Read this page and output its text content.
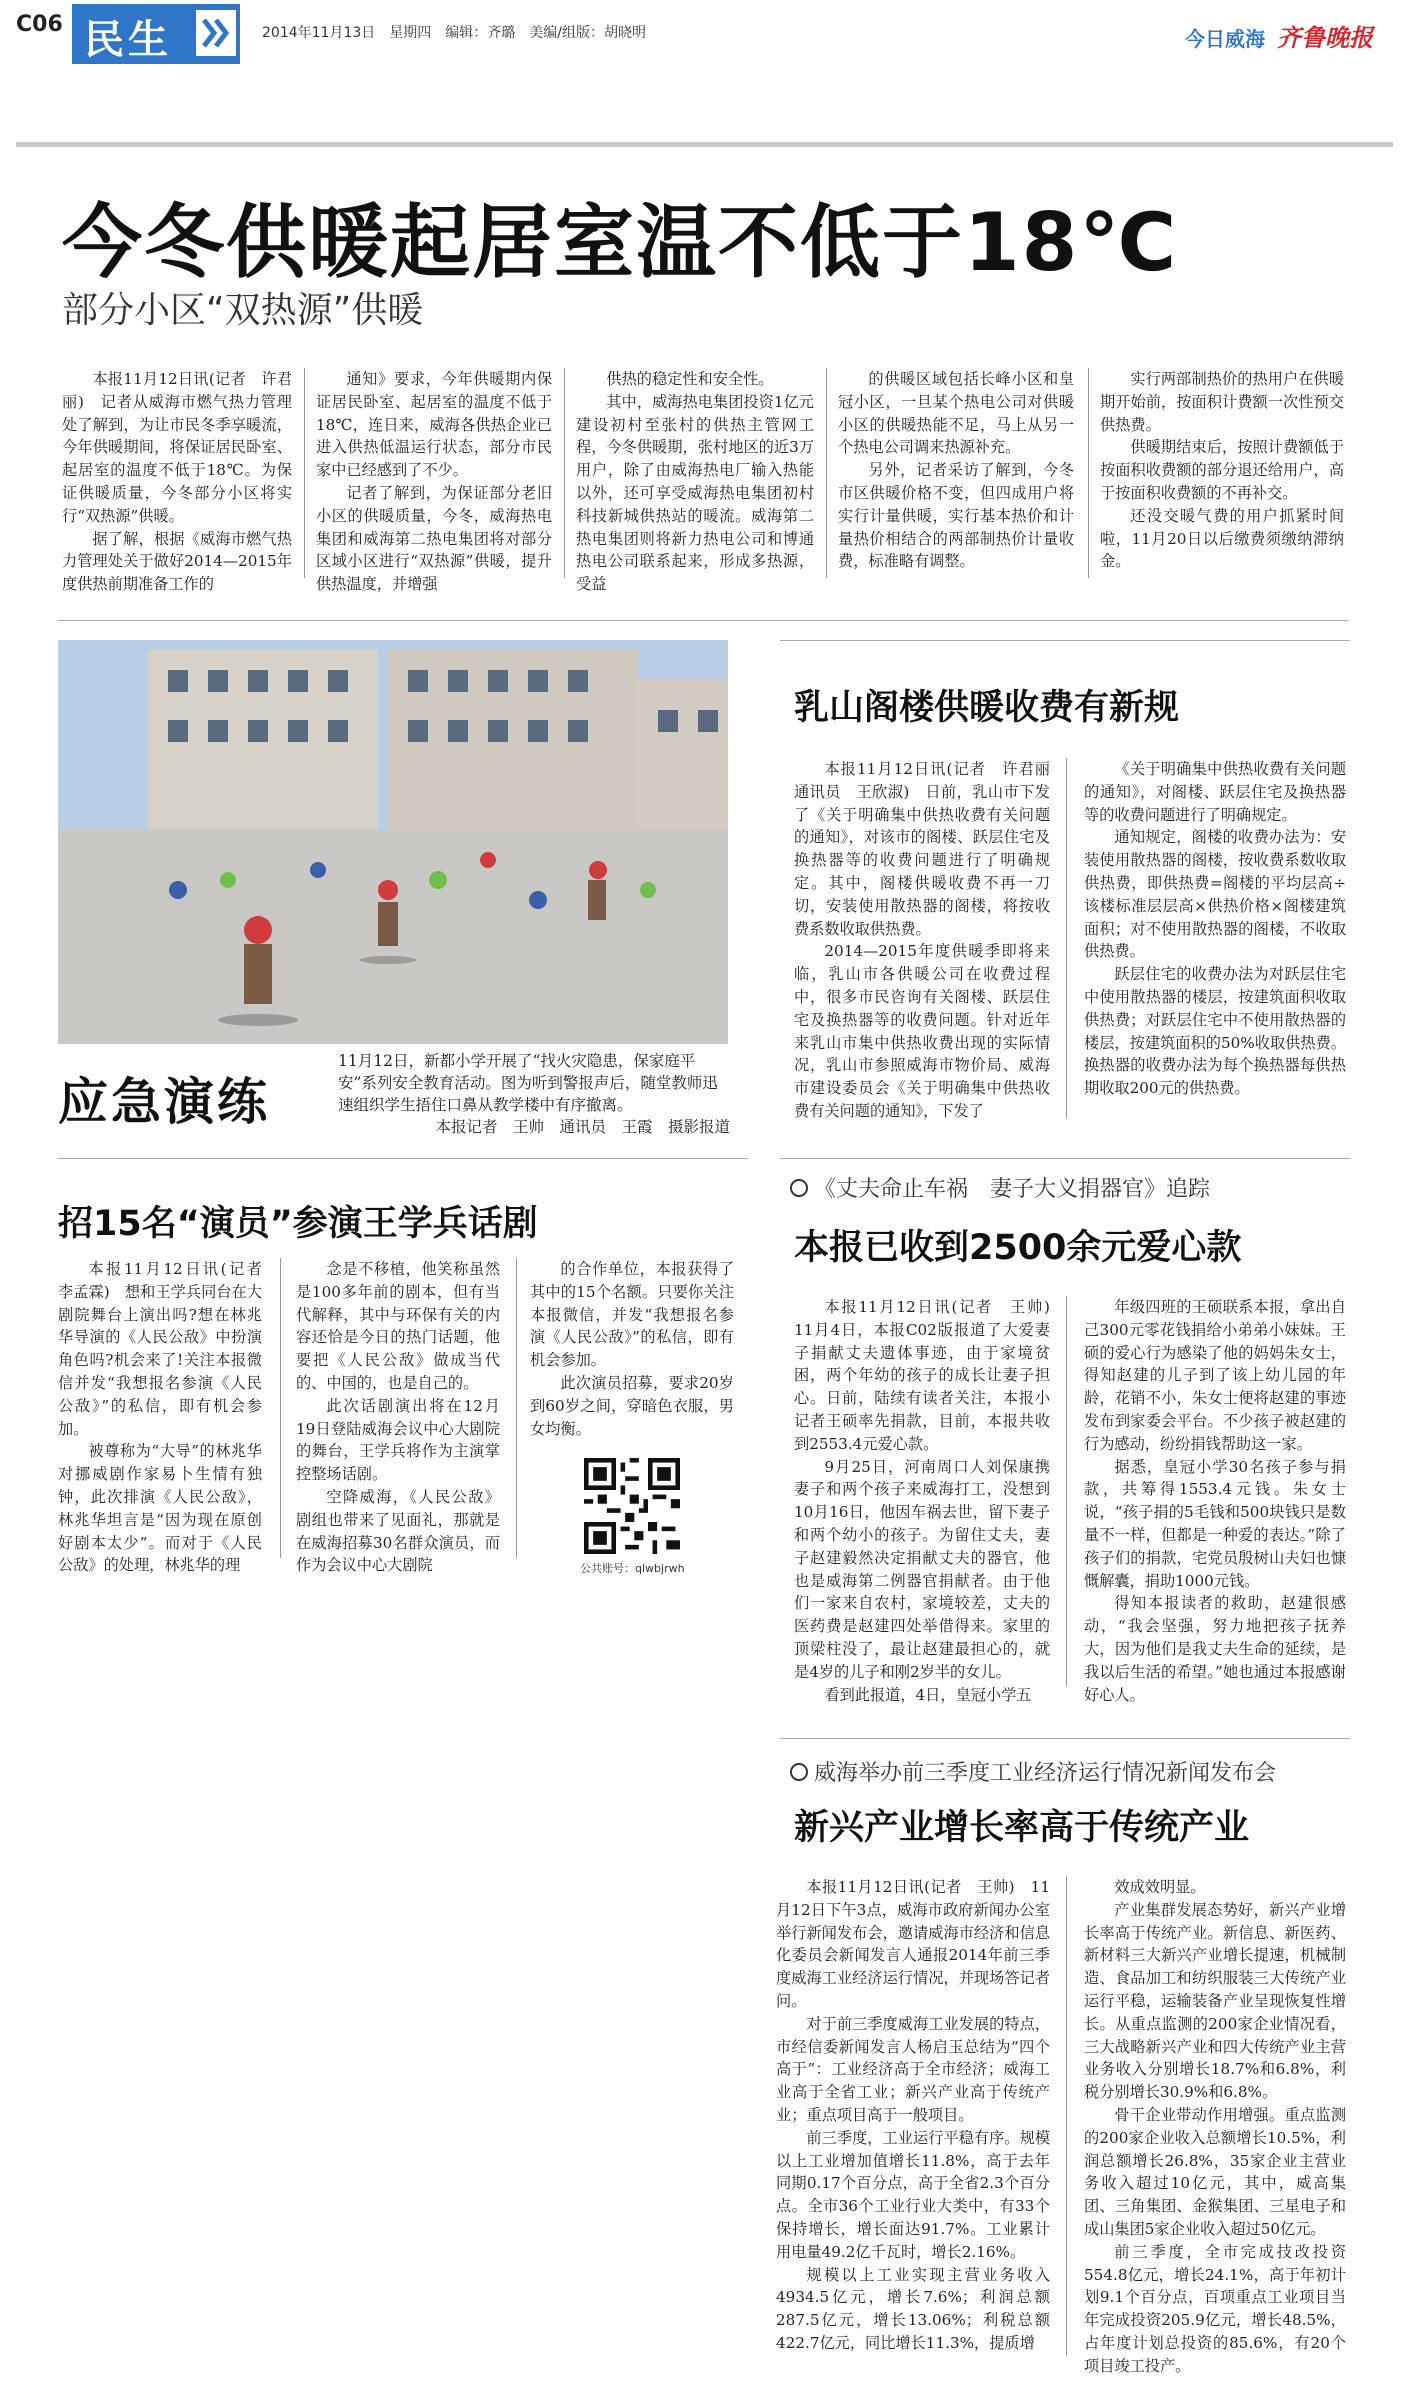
C06 民生	2014年11月13日　星期四　编辑：齐璐　美编/组版：胡晓明	今日威海 齐鲁晚报
今冬供暖起居室温不低于18℃
部分小区“双热源”供暖

本报11月12日讯(记者　许君丽)　记者从威海市燃气热力管理处了解到，为让市民冬季享暖流，今年供暖期间，将保证居民卧室、起居室的温度不低于18℃。为保证供暖质量，今冬部分小区将实行“双热源”供暖。

据了解，根据《威海市燃气热力管理处关于做好2014—2015年度供热前期准备工作的

通知》要求，今年供暖期内保证居民卧室、起居室的温度不低于18℃，连日来，威海各供热企业已进入供热低温运行状态，部分市民家中已经感到了不少。

记者了解到，为保证部分老旧小区的供暖质量，今冬，威海热电集团和威海第二热电集团将对部分区域小区进行“双热源”供暖，提升供热温度，并增强

供热的稳定性和安全性。

其中，威海热电集团投资1亿元建设初村至张村的供热主管网工程，今冬供暖期，张村地区的近3万用户，除了由威海热电厂输入热能以外，还可享受威海热电集团初村科技新城供热站的暖流。威海第二热电集团则将新力热电公司和博通热电公司联系起来，形成多热源，受益

的供暖区域包括长峰小区和皇冠小区，一旦某个热电公司对供暖小区的供暖热能不足，马上从另一个热电公司调来热源补充。

另外，记者采访了解到，今冬市区供暖价格不变，但四成用户将实行计量供暖，实行基本热价和计量热价相结合的两部制热价计量收费，标准略有调整。

实行两部制热价的热用户在供暖期开始前，按面积计费额一次性预交供热费。

供暖期结束后，按照计费额低于按面积收费额的部分退还给用户，高于按面积收费额的不再补交。

还没交暖气费的用户抓紧时间啦，11月20日以后缴费须缴纳滞纳金。

应急演练
11月12日，新都小学开展了“找火灾隐患，保家庭平安”系列安全教育活动。图为听到警报声后，随堂教师迅速组织学生捂住口鼻从教学楼中有序撤离。
本报记者　王帅　通讯员　王霞　摄影报道
乳山阁楼供暖收费有新规

本报11月12日讯(记者　许君丽　通讯员　王欣淑)　日前，乳山市下发了《关于明确集中供热收费有关问题的通知》，对该市的阁楼、跃层住宅及换热器等的收费问题进行了明确规定。其中，阁楼供暖收费不再一刀切，安装使用散热器的阁楼，将按收费系数收取供热费。

2014—2015年度供暖季即将来临，乳山市各供暖公司在收费过程中，很多市民咨询有关阁楼、跃层住宅及换热器等的收费问题。针对近年来乳山市集中供热收费出现的实际情况，乳山市参照威海市物价局、威海市建设委员会《关于明确集中供热收费有关问题的通知》，下发了

《关于明确集中供热收费有关问题的通知》，对阁楼、跃层住宅及换热器等的收费问题进行了明确规定。

通知规定，阁楼的收费办法为：安装使用散热器的阁楼，按收费系数收取供热费，即供热费=阁楼的平均层高÷该楼标准层层高×供热价格×阁楼建筑面积；对不使用散热器的阁楼，不收取供热费。

跃层住宅的收费办法为对跃层住宅中使用散热器的楼层，按建筑面积收取供热费；对跃层住宅中不使用散热器的楼层，按建筑面积的50%收取供热费。换热器的收费办法为每个换热器每供热期收取200元的供热费。

招15名“演员”参演王学兵话剧

本报11月12日讯(记者　李孟霖)　想和王学兵同台在大剧院舞台上演出吗?想在林兆华导演的《人民公敌》中扮演角色吗?机会来了!关注本报微信并发“我想报名参演《人民公敌》”的私信，即有机会参加。

被尊称为“大导”的林兆华对挪威剧作家易卜生情有独钟，此次排演《人民公敌》，林兆华坦言是“因为现在原创好剧本太少”。而对于《人民公敌》的处理，林兆华的理

念是不移植，他笑称虽然是100多年前的剧本，但有当代解释，其中与环保有关的内容还恰是今日的热门话题，他要把《人民公敌》做成当代的、中国的，也是自己的。

此次话剧演出将在12月19日登陆威海会议中心大剧院的舞台，王学兵将作为主演掌控整场话剧。

空降威海，《人民公敌》剧组也带来了见面礼，那就是在威海招募30名群众演员，而作为会议中心大剧院

的合作单位，本报获得了其中的15个名额。只要你关注本报微信，并发“我想报名参演《人民公敌》”的私信，即有机会参加。

此次演员招募，要求20岁到60岁之间，穿暗色衣服，男女均衡。

公共账号：qlwbjrwh
《丈夫命止车祸　妻子大义捐器官》追踪
本报已收到2500余元爱心款

本报11月12日讯(记者　王帅)　11月4日，本报C02版报道了大爱妻子捐献丈夫遗体事迹，由于家境贫困，两个年幼的孩子的成长让妻子担心。日前，陆续有读者关注，本报小记者王硕率先捐款，目前，本报共收到2553.4元爱心款。

9月25日，河南周口人刘保康携妻子和两个孩子来威海打工，没想到10月16日，他因车祸去世，留下妻子和两个幼小的孩子。为留住丈夫，妻子赵建毅然决定捐献丈夫的器官，他也是威海第二例器官捐献者。由于他们一家来自农村，家境较差，丈夫的医药费是赵建四处举借得来。家里的顶梁柱没了，最让赵建最担心的，就是4岁的儿子和刚2岁半的女儿。

看到此报道，4日，皇冠小学五

年级四班的王硕联系本报，拿出自己300元零花钱捐给小弟弟小妹妹。王硕的爱心行为感染了他的妈妈朱女士，得知赵建的儿子到了该上幼儿园的年龄，花销不小，朱女士便将赵建的事迹发布到家委会平台。不少孩子被赵建的行为感动，纷纷捐钱帮助这一家。

据悉，皇冠小学30名孩子参与捐款，共筹得1553.4元钱。朱女士说，“孩子捐的5毛钱和500块钱只是数量不一样，但都是一种爱的表达。”除了孩子们的捐款，宅党员殷树山夫妇也慷慨解囊，捐助1000元钱。

得知本报读者的救助，赵建很感动，“我会坚强，努力地把孩子抚养大，因为他们是我丈夫生命的延续，是我以后生活的希望。”她也通过本报感谢好心人。

威海举办前三季度工业经济运行情况新闻发布会
新兴产业增长率高于传统产业

本报11月12日讯(记者　王帅)　11月12日下午3点，威海市政府新闻办公室举行新闻发布会，邀请威海市经济和信息化委员会新闻发言人通报2014年前三季度威海工业经济运行情况，并现场答记者问。

对于前三季度威海工业发展的特点，市经信委新闻发言人杨启玉总结为“四个高于”：工业经济高于全市经济；威海工业高于全省工业；新兴产业高于传统产业；重点项目高于一般项目。

前三季度，工业运行平稳有序。规模以上工业增加值增长11.8%，高于去年同期0.17个百分点，高于全省2.3个百分点。全市36个工业行业大类中，有33个保持增长，增长面达91.7%。工业累计用电量49.2亿千瓦时，增长2.16%。

规模以上工业实现主营业务收入4934.5亿元，增长7.6%；利润总额287.5亿元，增长13.06%；利税总额422.7亿元，同比增长11.3%，提质增

效成效明显。

产业集群发展态势好，新兴产业增长率高于传统产业。新信息、新医药、新材料三大新兴产业增长提速，机械制造、食品加工和纺织服装三大传统产业运行平稳，运输装备产业呈现恢复性增长。从重点监测的200家企业情况看，三大战略新兴产业和四大传统产业主营业务收入分别增长18.7%和6.8%，利税分别增长30.9%和6.8%。

骨干企业带动作用增强。重点监测的200家企业收入总额增长10.5%，利润总额增长26.8%，35家企业主营业务收入超过10亿元，其中，威高集团、三角集团、金猴集团、三星电子和成山集团5家企业收入超过50亿元。

前三季度，全市完成技改投资554.8亿元，增长24.1%，高于年初计划9.1个百分点，百项重点工业项目当年完成投资205.9亿元，增长48.5%，占年度计划总投资的85.6%，有20个项目竣工投产。
